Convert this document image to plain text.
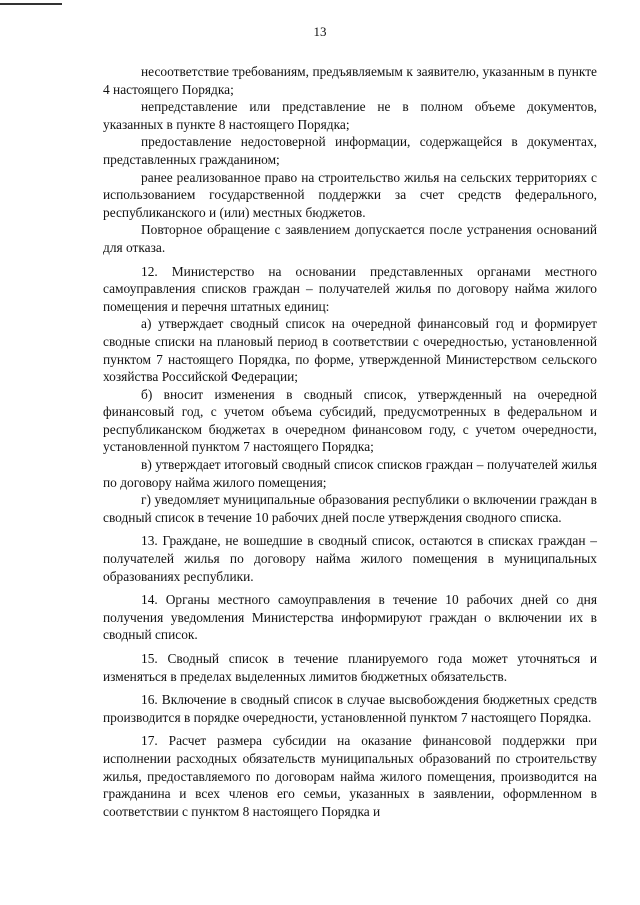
13

несоответствие требованиям, предъявляемым к заявителю, указанным в пункте 4 настоящего Порядка;

непредставление или представление не в полном объеме документов, указанных в пункте 8 настоящего Порядка;

предоставление недостоверной информации, содержащейся в документах, представленных гражданином;

ранее реализованное право на строительство жилья на сельских территориях с использованием государственной поддержки за счет средств федерального, республиканского и (или) местных бюджетов.

Повторное обращение с заявлением допускается после устранения оснований для отказа.

12. Министерство на основании представленных органами местного самоуправления списков граждан – получателей жилья по договору найма жилого помещения и перечня штатных единиц:

а) утверждает сводный список на очередной финансовый год и формирует сводные списки на плановый период в соответствии с очередностью, установленной пунктом 7 настоящего Порядка, по форме, утвержденной Министерством сельского хозяйства Российской Федерации;

б) вносит изменения в сводный список, утвержденный на очередной финансовый год, с учетом объема субсидий, предусмотренных в федеральном и республиканском бюджетах в очередном финансовом году, с учетом очередности, установленной пунктом 7 настоящего Порядка;

в) утверждает итоговый сводный список списков граждан – получателей жилья по договору найма жилого помещения;

г) уведомляет муниципальные образования республики о включении граждан в сводный список в течение 10 рабочих дней после утверждения сводного списка.

13. Граждане, не вошедшие в сводный список, остаются в списках граждан – получателей жилья по договору найма жилого помещения в муниципальных образованиях республики.

14. Органы местного самоуправления в течение 10 рабочих дней со дня получения уведомления Министерства информируют граждан о включении их в сводный список.

15. Сводный список в течение планируемого года может уточняться и изменяться в пределах выделенных лимитов бюджетных обязательств.

16. Включение в сводный список в случае высвобождения бюджетных средств производится в порядке очередности, установленной пунктом 7 настоящего Порядка.

17. Расчет размера субсидии на оказание финансовой поддержки при исполнении расходных обязательств муниципальных образований по строительству жилья, предоставляемого по договорам найма жилого помещения, производится на гражданина и всех членов его семьи, указанных в заявлении, оформленном в соответствии с пунктом 8 настоящего Порядка и
